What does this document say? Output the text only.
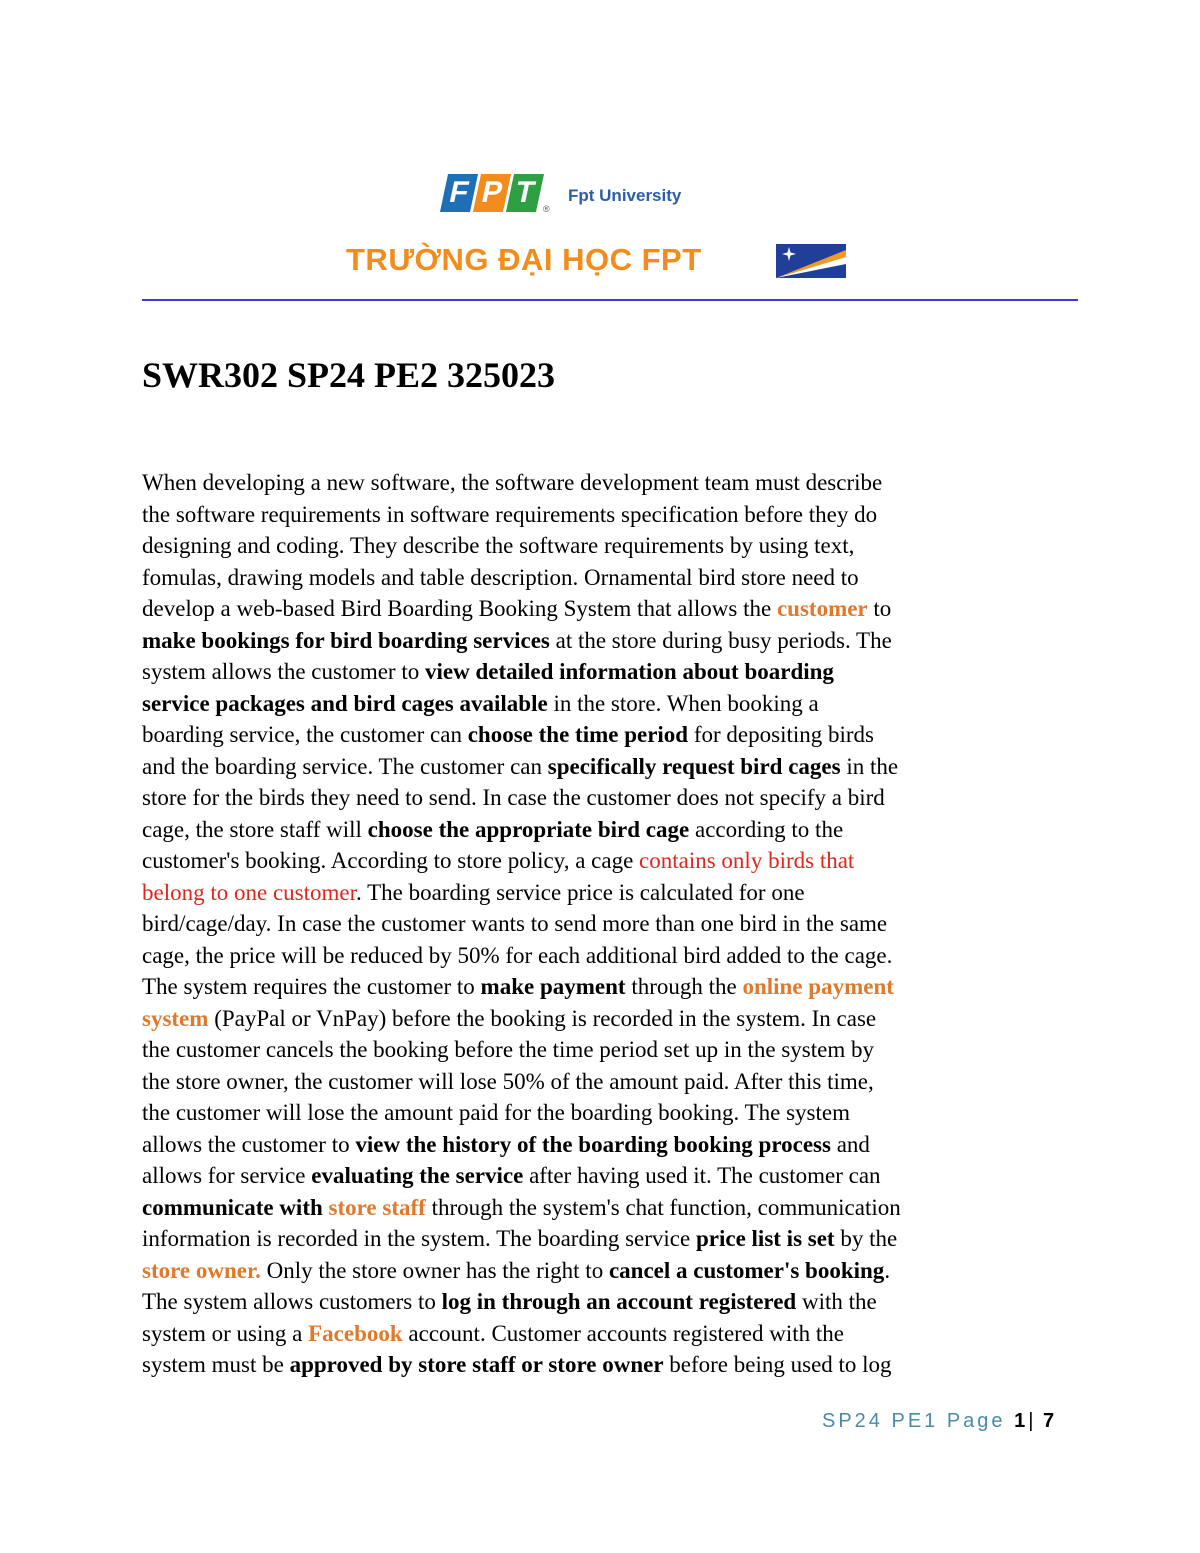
F P T ®
Fpt University
TRƯỜNG ĐẠI HỌC FPT
SWR302 SP24 PE2 325023
When developing a new software, the software development team must describe
the software requirements in software requirements specification before they do
designing and coding. They describe the software requirements by using text,
fomulas, drawing models and table description. Ornamental bird store need to
develop a web-based Bird Boarding Booking System that allows the customer to
make bookings for bird boarding services at the store during busy periods. The
system allows the customer to view detailed information about boarding
service packages and bird cages available in the store. When booking a
boarding service, the customer can choose the time period for depositing birds
and the boarding service. The customer can specifically request bird cages in the
store for the birds they need to send. In case the customer does not specify a bird
cage, the store staff will choose the appropriate bird cage according to the
customer's booking. According to store policy, a cage contains only birds that
belong to one customer. The boarding service price is calculated for one
bird/cage/day. In case the customer wants to send more than one bird in the same
cage, the price will be reduced by 50% for each additional bird added to the cage.
The system requires the customer to make payment through the online payment
system (PayPal or VnPay) before the booking is recorded in the system. In case
the customer cancels the booking before the time period set up in the system by
the store owner, the customer will lose 50% of the amount paid. After this time,
the customer will lose the amount paid for the boarding booking. The system
allows the customer to view the history of the boarding booking process and
allows for service evaluating the service after having used it. The customer can
communicate with store staff through the system's chat function, communication
information is recorded in the system. The boarding service price list is set by the
store owner. Only the store owner has the right to cancel a customer's booking.
The system allows customers to log in through an account registered with the
system or using a Facebook account. Customer accounts registered with the
system must be approved by store staff or store owner before being used to log
SP24 PE1 Page 1| 7
